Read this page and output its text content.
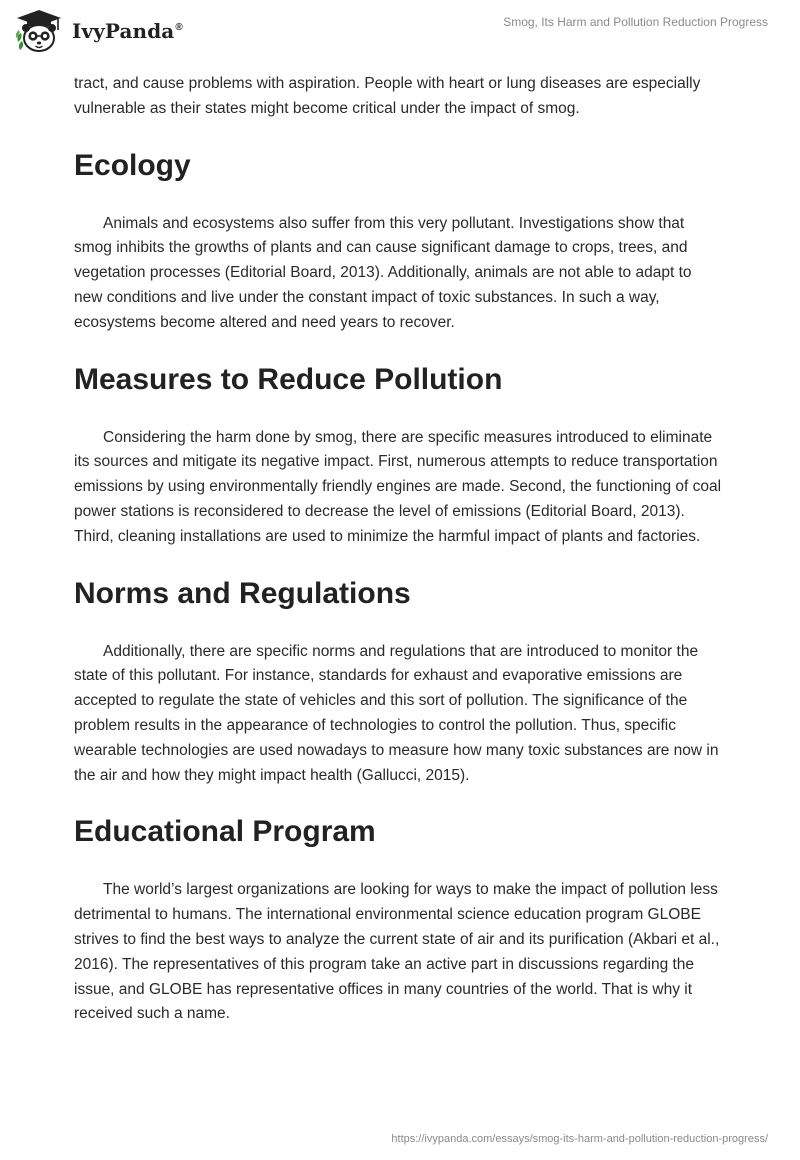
IvyPanda®	Smog, Its Harm and Pollution Reduction Progress

tract, and cause problems with aspiration. People with heart or lung diseases are especially vulnerable as their states might become critical under the impact of smog.

Ecology

Animals and ecosystems also suffer from this very pollutant. Investigations show that smog inhibits the growths of plants and can cause significant damage to crops, trees, and vegetation processes (Editorial Board, 2013). Additionally, animals are not able to adapt to new conditions and live under the constant impact of toxic substances. In such a way, ecosystems become altered and need years to recover.

Measures to Reduce Pollution

Considering the harm done by smog, there are specific measures introduced to eliminate its sources and mitigate its negative impact. First, numerous attempts to reduce transportation emissions by using environmentally friendly engines are made. Second, the functioning of coal power stations is reconsidered to decrease the level of emissions (Editorial Board, 2013). Third, cleaning installations are used to minimize the harmful impact of plants and factories.

Norms and Regulations

Additionally, there are specific norms and regulations that are introduced to monitor the state of this pollutant. For instance, standards for exhaust and evaporative emissions are accepted to regulate the state of vehicles and this sort of pollution. The significance of the problem results in the appearance of technologies to control the pollution. Thus, specific wearable technologies are used nowadays to measure how many toxic substances are now in the air and how they might impact health (Gallucci, 2015).

Educational Program

The world’s largest organizations are looking for ways to make the impact of pollution less detrimental to humans. The international environmental science education program GLOBE strives to find the best ways to analyze the current state of air and its purification (Akbari et al., 2016). The representatives of this program take an active part in discussions regarding the issue, and GLOBE has representative offices in many countries of the world. That is why it received such a name.

https://ivypanda.com/essays/smog-its-harm-and-pollution-reduction-progress/
